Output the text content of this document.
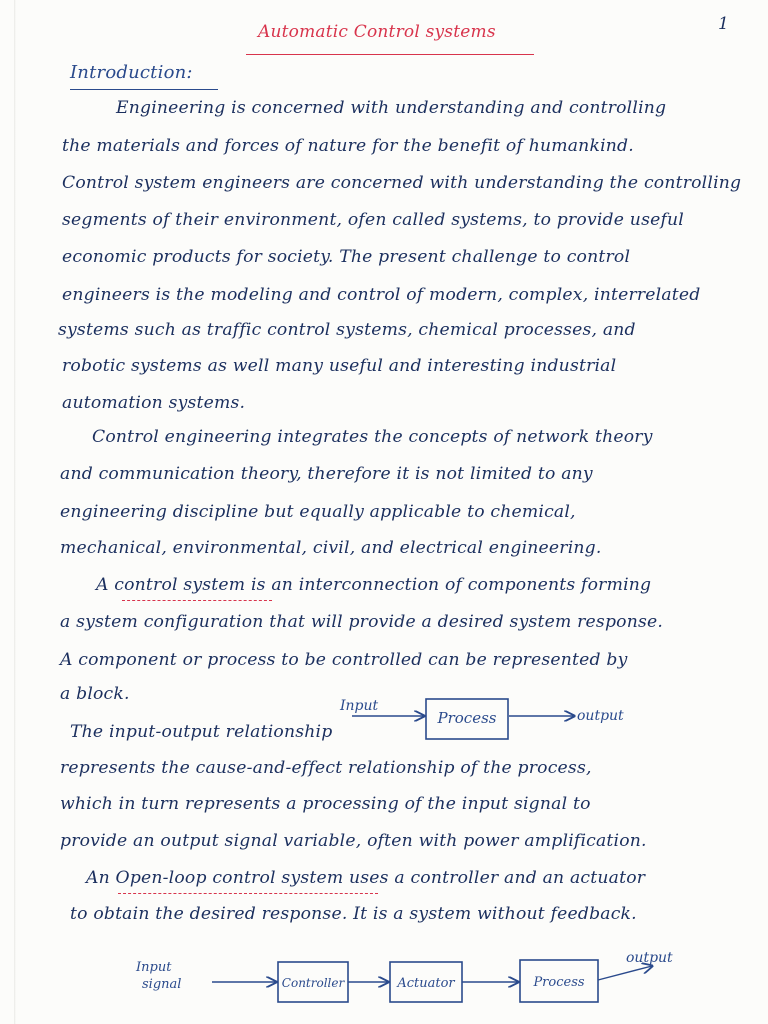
Automatic Control systems	1
Introduction:
Engineering is concerned with understanding and controlling
the materials and forces of nature for the benefit of humankind.
Control system engineers are concerned with understanding the controlling
segments of their environment, ofen called systems, to provide useful
economic products for society. The present challenge to control
engineers is the modeling and control of modern, complex, interrelated
systems such as traffic control systems, chemical processes, and
robotic systems as well many useful and interesting industrial
automation systems.
Control engineering integrates the concepts of network theory
and communication theory, therefore it is not limited to any
engineering discipline but equally applicable to chemical,
mechanical, environmental, civil, and electrical engineering.
A control system is an interconnection of components forming
a system configuration that will provide a desired system response.
A component or process to be controlled can be represented by
a block.
The input-output relationship
represents the cause-and-effect relationship of the process,
which in turn represents a processing of the input signal to
provide an output signal variable, often with power amplification.
An Open-loop control system uses a controller and an actuator
to obtain the desired response. It is a system without feedback.
Input
Process	output
Input
signal	Controller	Actuator	Process
output
